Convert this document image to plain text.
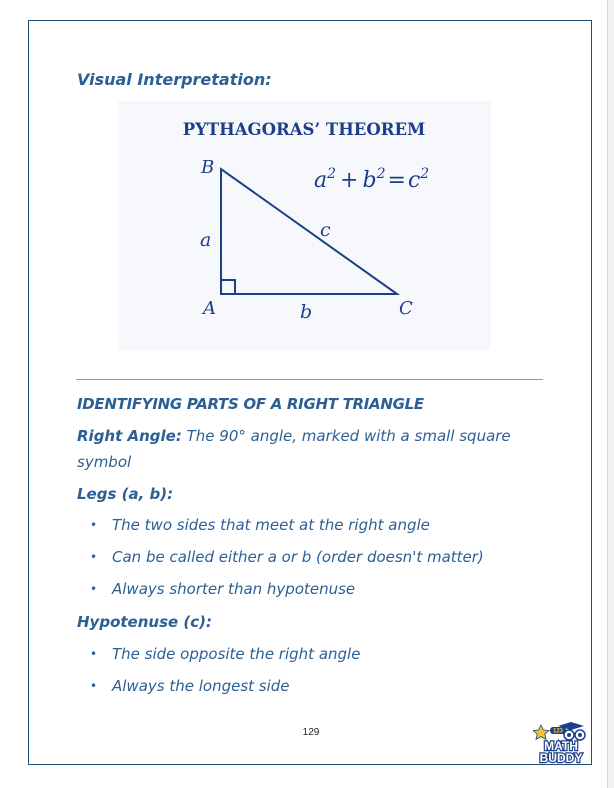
Visual Interpretation:
PYTHAGORAS’ THEOREM
$a^2 + b^2=c^2$
B
A	C
a
b
c
IDENTIFYING PARTS OF A RIGHT TRIANGLE

Right Angle: The 90° angle, marked with a small square symbol

Legs (a, b):

• The two sides that meet at the right angle
• Can be called either a or b (order doesn't matter)
• Always shorter than hypotenuse

Hypotenuse (c):

• The side opposite the right angle
• Always the longest side
129	123
MATH
BUDDY
